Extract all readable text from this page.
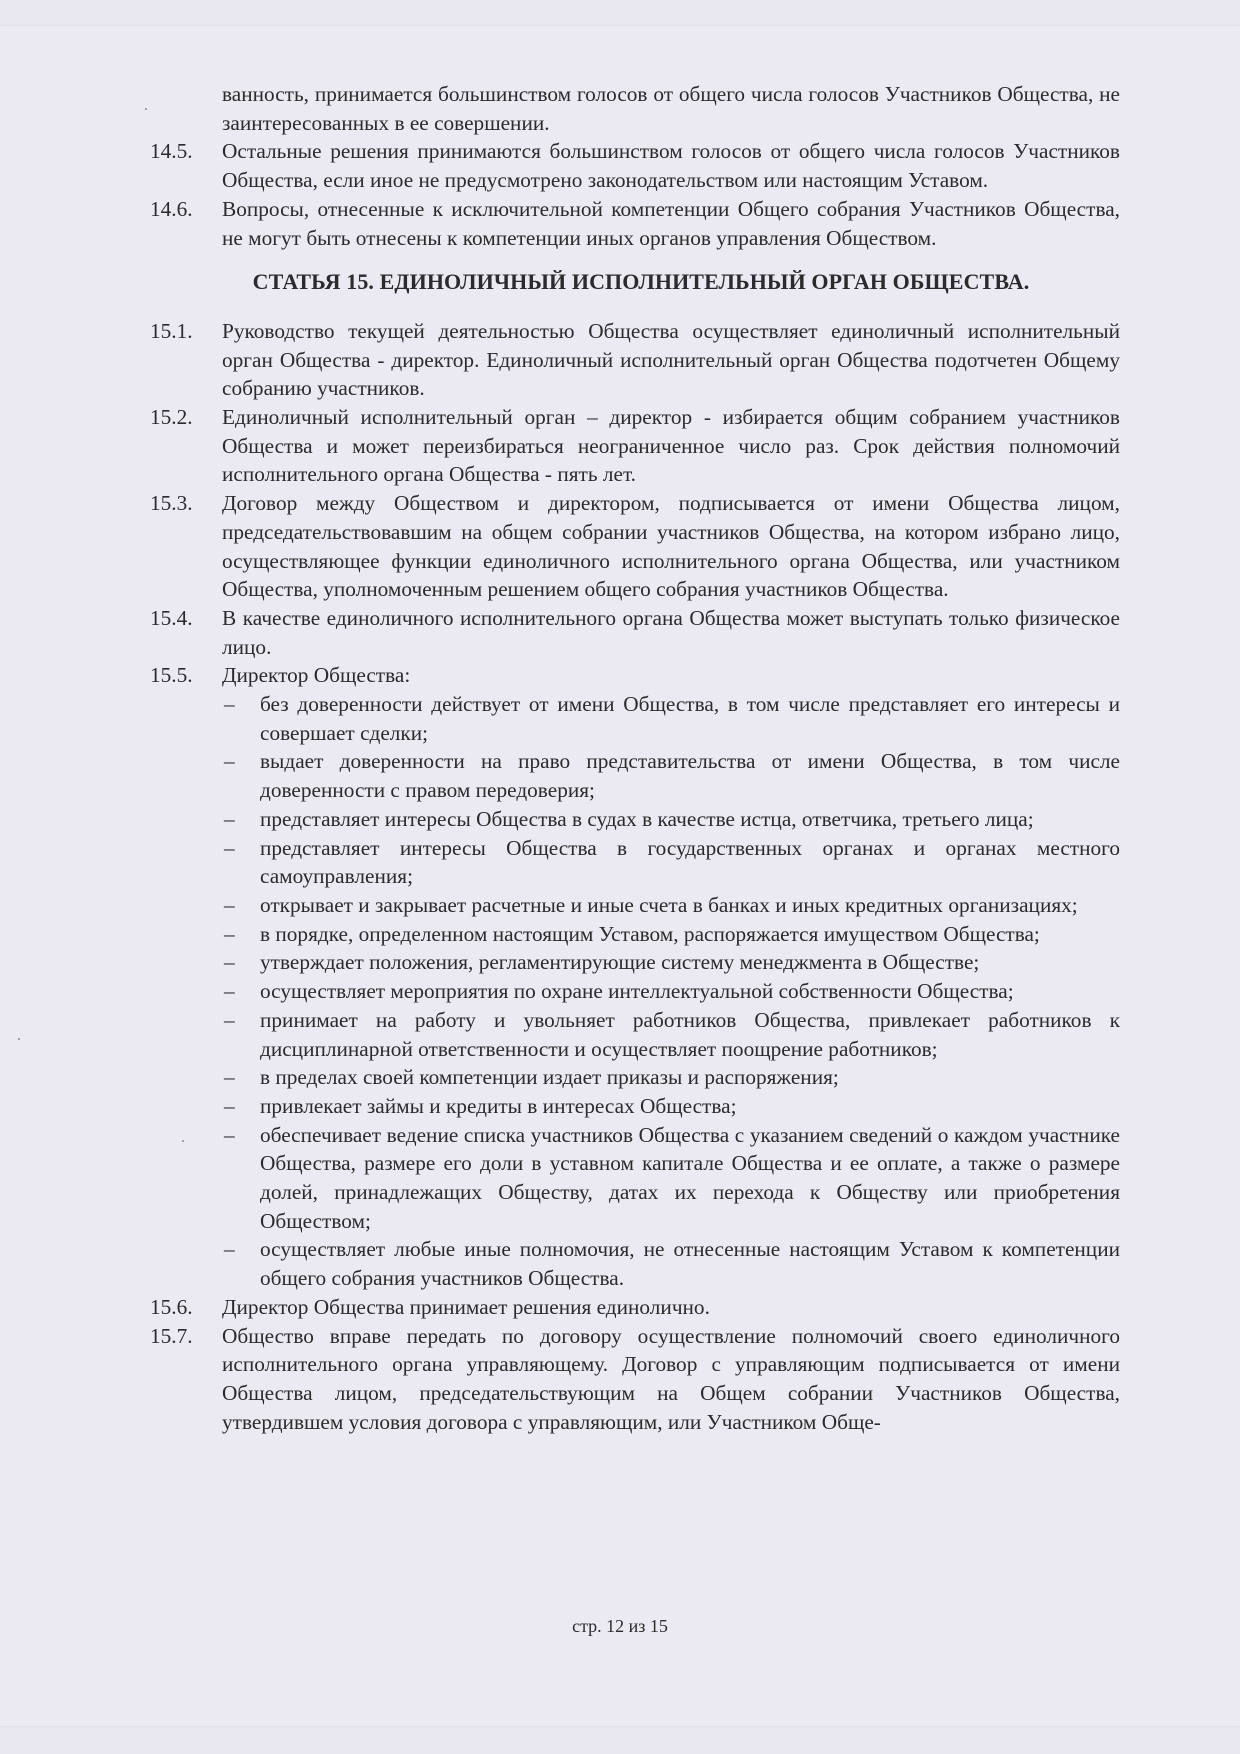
ванность, принимается большинством голосов от общего числа голосов Участников Общества, не заинтересованных в ее совершении.
14.5.	Остальные решения принимаются большинством голосов от общего числа голосов Участников Общества, если иное не предусмотрено законодательством или настоящим Уставом.
14.6.	Вопросы, отнесенные к исключительной компетенции Общего собрания Участников Общества, не могут быть отнесены к компетенции иных органов управления Обществом.
СТАТЬЯ 15. ЕДИНОЛИЧНЫЙ ИСПОЛНИТЕЛЬНЫЙ ОРГАН ОБЩЕСТВА.
15.1.	Руководство текущей деятельностью Общества осуществляет единоличный исполнительный орган Общества - директор. Единоличный исполнительный орган Общества подотчетен Общему собранию участников.
15.2.	Единоличный исполнительный орган – директор - избирается общим собранием участников Общества и может переизбираться неограниченное число раз. Срок действия полномочий исполнительного органа Общества - пять лет.
15.3.	Договор между Обществом и директором, подписывается от имени Общества лицом, председательствовавшим на общем собрании участников Общества, на котором избрано лицо, осуществляющее функции единоличного исполнительного органа Общества, или участником Общества, уполномоченным решением общего собрания участников Общества.
15.4.	В качестве единоличного исполнительного органа Общества может выступать только физическое лицо.
15.5.	Директор Общества:
–	без доверенности действует от имени Общества, в том числе представляет его интересы и совершает сделки;
–	выдает доверенности на право представительства от имени Общества, в том числе доверенности с правом передоверия;
–	представляет интересы Общества в судах в качестве истца, ответчика, третьего лица;
–	представляет интересы Общества в государственных органах и органах местного самоуправления;
–	открывает и закрывает расчетные и иные счета в банках и иных кредитных организациях;
–	в порядке, определенном настоящим Уставом, распоряжается имуществом Общества;
–	утверждает положения, регламентирующие систему менеджмента в Обществе;
–	осуществляет мероприятия по охране интеллектуальной собственности Общества;
–	принимает на работу и увольняет работников Общества, привлекает работников к дисциплинарной ответственности и осуществляет поощрение работников;
–	в пределах своей компетенции издает приказы и распоряжения;
–	привлекает займы и кредиты в интересах Общества;
–	обеспечивает ведение списка участников Общества с указанием сведений о каждом участнике Общества, размере его доли в уставном капитале Общества и ее оплате, а также о размере долей, принадлежащих Обществу, датах их перехода к Обществу или приобретения Обществом;
–	осуществляет любые иные полномочия, не отнесенные настоящим Уставом к компетенции общего собрания участников Общества.
15.6.	Директор Общества принимает решения единолично.
15.7.	Общество вправе передать по договору осуществление полномочий своего единоличного исполнительного органа управляющему. Договор с управляющим подписывается от имени Общества лицом, председательствующим на Общем собрании Участников Общества, утвердившем условия договора с управляющим, или Участником Обще-
стр. 12 из 15
